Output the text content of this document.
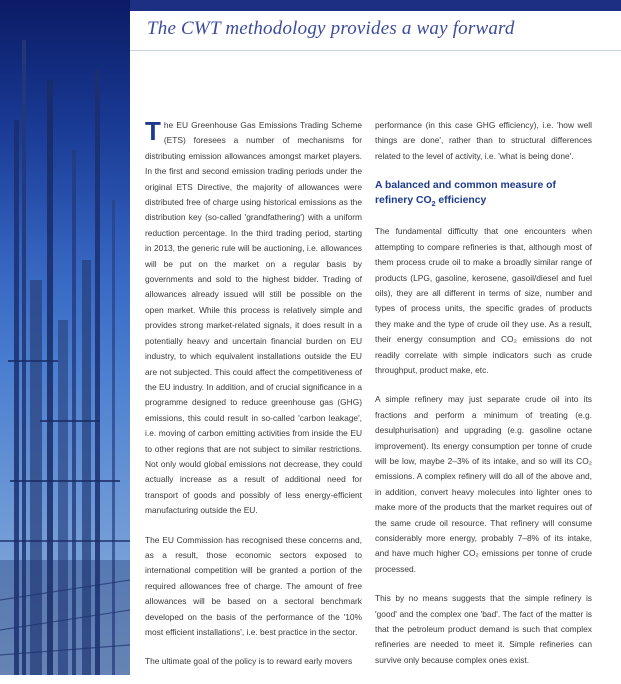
The CWT methodology provides a way forward

The EU Greenhouse Gas Emissions Trading Scheme (ETS) foresees a number of mechanisms for distributing emission allowances amongst market players. In the first and second emission trading periods under the original ETS Directive, the majority of allowances were distributed free of charge using historical emissions as the distribution key (so-called 'grandfathering') with a uniform reduction percentage. In the third trading period, starting in 2013, the generic rule will be auctioning, i.e. allowances will be put on the market on a regular basis by governments and sold to the highest bidder. Trading of allowances already issued will still be possible on the open market. While this process is relatively simple and provides strong market-related signals, it does result in a potentially heavy and uncertain financial burden on EU industry, to which equivalent installations outside the EU are not subjected. This could affect the competitiveness of the EU industry. In addition, and of crucial significance in a programme designed to reduce greenhouse gas (GHG) emissions, this could result in so-called 'carbon leakage', i.e. moving of carbon emitting activities from inside the EU to other regions that are not subject to similar restrictions. Not only would global emissions not decrease, they could actually increase as a result of additional need for transport of goods and possibly of less energy-efficient manufacturing outside the EU.

The EU Commission has recognised these concerns and, as a result, those economic sectors exposed to international competition will be granted a portion of the required allowances free of charge. The amount of free allowances will be based on a sectoral benchmark developed on the basis of the performance of the '10% most efficient installations', i.e. best practice in the sector.

The ultimate goal of the policy is to reward early movers

performance (in this case GHG efficiency), i.e. 'how well things are done', rather than to structural differences related to the level of activity, i.e. 'what is being done'.

A balanced and common measure of
refinery $CO_2$ efficiency

The fundamental difficulty that one encounters when attempting to compare refineries is that, although most of them process crude oil to make a broadly similar range of products (LPG, gasoline, kerosene, gasoil/diesel and fuel oils), they are all different in terms of size, number and types of process units, the specific grades of products they make and the type of crude oil they use. As a result, their energy consumption and CO₂ emissions do not readily correlate with simple indicators such as crude throughput, product make, etc.

A simple refinery may just separate crude oil into its fractions and perform a minimum of treating (e.g. desulphurisation) and upgrading (e.g. gasoline octane improvement). Its energy consumption per tonne of crude will be low, maybe 2–3% of its intake, and so will its CO₂ emissions. A complex refinery will do all of the above and, in addition, convert heavy molecules into lighter ones to make more of the products that the market requires out of the same crude oil resource. That refinery will consume considerably more energy, probably 7–8% of its intake, and have much higher CO₂ emissions per tonne of crude processed.

This by no means suggests that the simple refinery is 'good' and the complex one 'bad'. The fact of the matter is that the petroleum product demand is such that complex refineries are needed to meet it. Simple refineries can survive only because complex ones exist.
